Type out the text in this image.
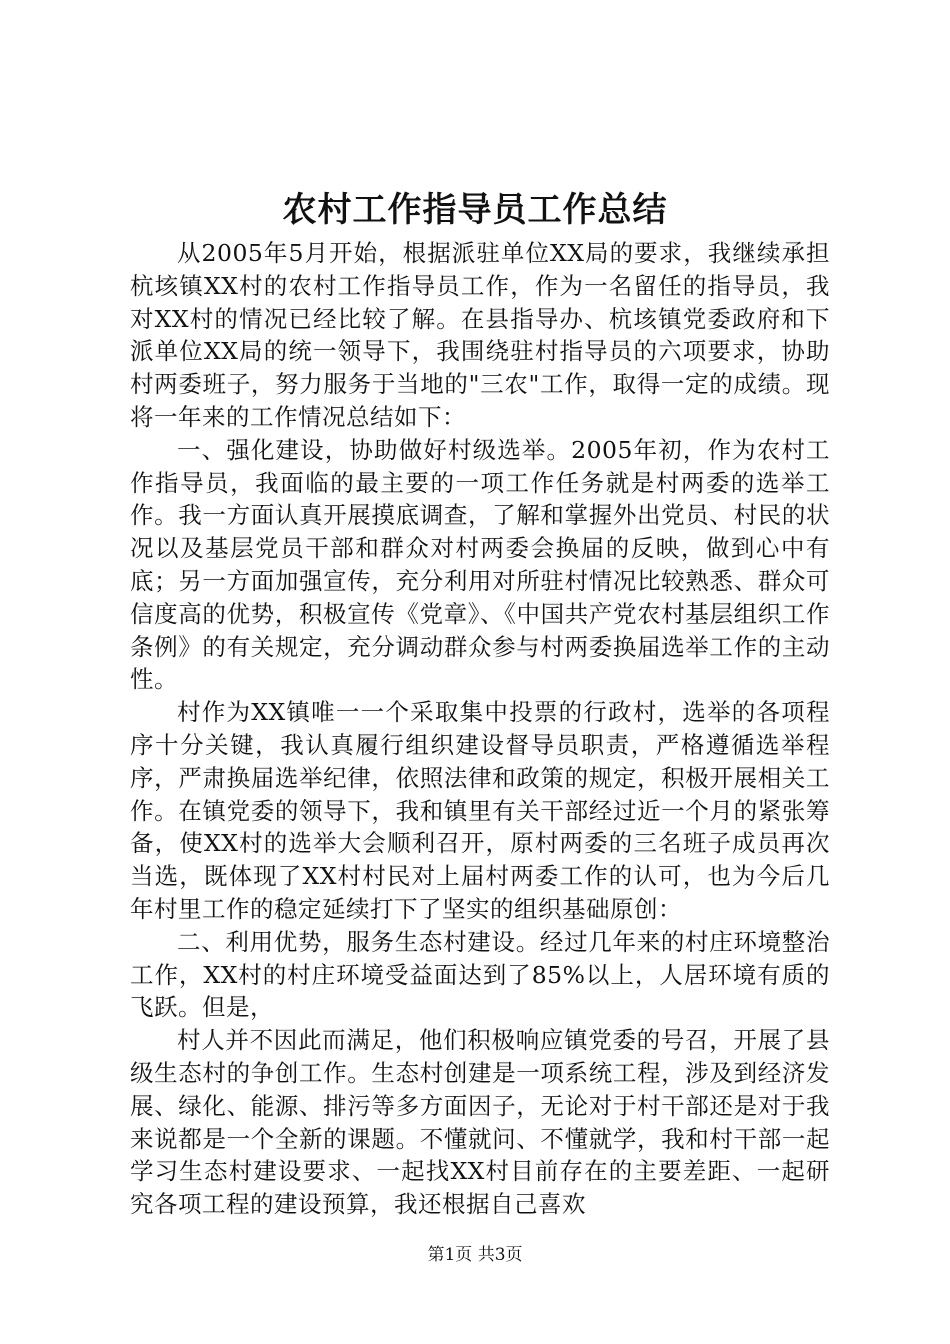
农村工作指导员工作总结

从2005年5月开始，根据派驻单位XX局的要求，我继续承担杭垓镇XX村的农村工作指导员工作，作为一名留任的指导员，我对XX村的情况已经比较了解。在县指导办、杭垓镇党委政府和下派单位XX局的统一领导下，我围绕驻村指导员的六项要求，协助村两委班子，努力服务于当地的"三农"工作，取得一定的成绩。现将一年来的工作情况总结如下：

一、强化建设，协助做好村级选举。2005年初，作为农村工作指导员，我面临的最主要的一项工作任务就是村两委的选举工作。我一方面认真开展摸底调查，了解和掌握外出党员、村民的状况以及基层党员干部和群众对村两委会换届的反映，做到心中有底；另一方面加强宣传，充分利用对所驻村情况比较熟悉、群众可信度高的优势，积极宣传《党章》、《中国共产党农村基层组织工作条例》的有关规定，充分调动群众参与村两委换届选举工作的主动性。

村作为XX镇唯一一个采取集中投票的行政村，选举的各项程序十分关键，我认真履行组织建设督导员职责，严格遵循选举程序，严肃换届选举纪律，依照法律和政策的规定，积极开展相关工作。在镇党委的领导下，我和镇里有关干部经过近一个月的紧张筹备，使XX村的选举大会顺利召开，原村两委的三名班子成员再次当选，既体现了XX村村民对上届村两委工作的认可，也为今后几年村里工作的稳定延续打下了坚实的组织基础原创：

二、利用优势，服务生态村建设。经过几年来的村庄环境整治工作，XX村的村庄环境受益面达到了85%以上，人居环境有质的飞跃。但是，

村人并不因此而满足，他们积极响应镇党委的号召，开展了县级生态村的争创工作。生态村创建是一项系统工程，涉及到经济发展、绿化、能源、排污等多方面因子，无论对于村干部还是对于我来说都是一个全新的课题。不懂就问、不懂就学，我和村干部一起学习生态村建设要求、一起找XX村目前存在的主要差距、一起研究各项工程的建设预算，我还根据自己喜欢

第1页 共3页
